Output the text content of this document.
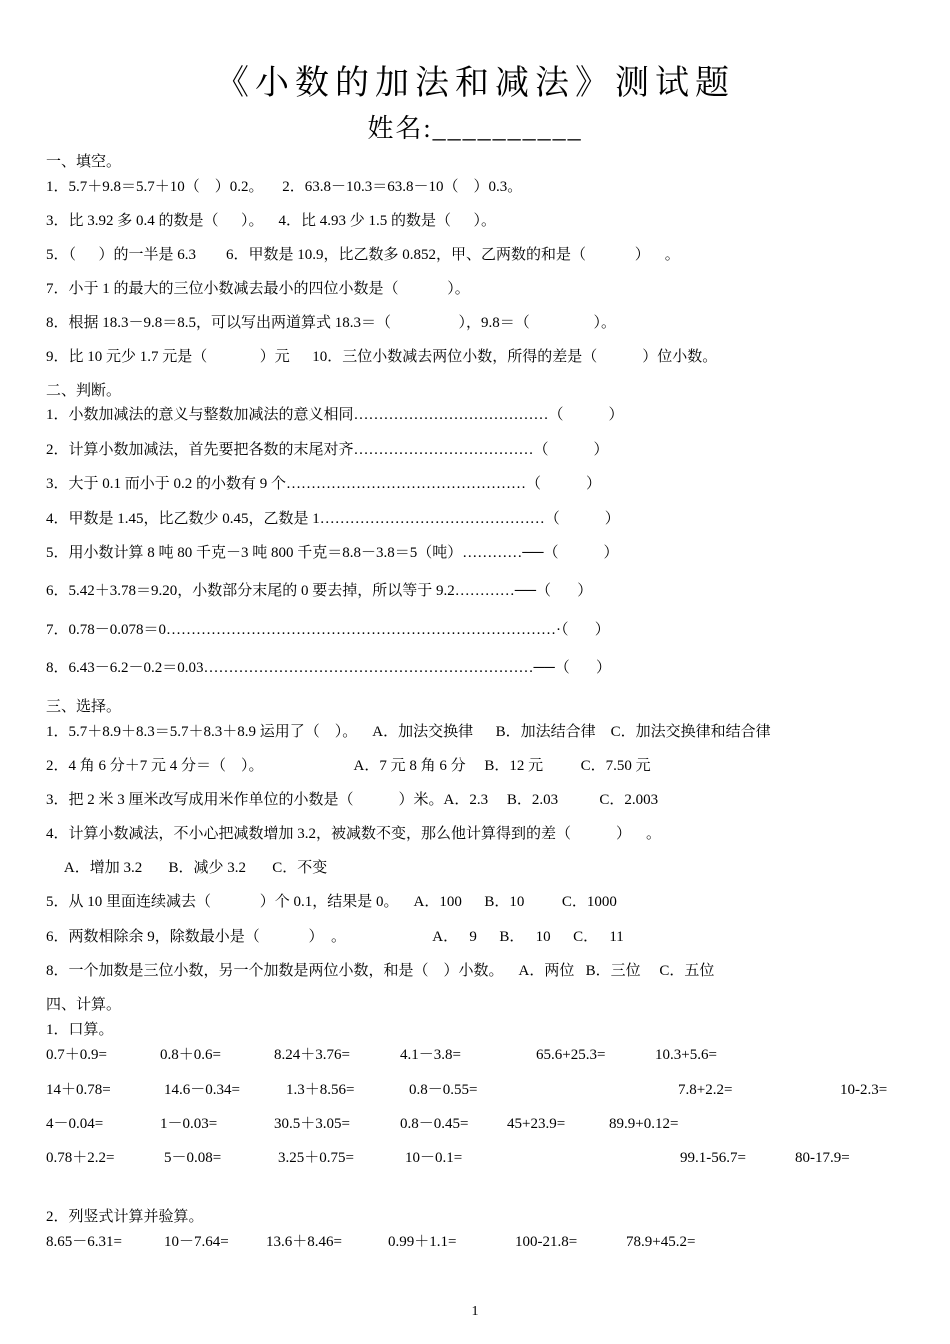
《小数的加法和减法》测试题
姓名:__________
一、填空。
1．5.7＋9.8＝5.7＋10（    ）0.2。     2．63.8－10.3＝63.8－10（    ）0.3。
3．比 3.92 多 0.4 的数是（      ）。    4．比 4.93 少 1.5 的数是（      ）。
5．（      ）的一半是 6.3        6．甲数是 10.9，比乙数多 0.852，甲、乙两数的和是（             ）    。
7．小于 1 的最大的三位小数减去最小的四位小数是（             ）。
8．根据 18.3－9.8＝8.5，可以写出两道算式 18.3＝（                  ），9.8＝（                 ）。
9．比 10 元少 1.7 元是（              ）元      10．三位小数减去两位小数，所得的差是（            ）位小数。
二、判断。
1．小数加减法的意义与整数加减法的意义相同…………………………………（            ）
2．计算小数加减法，首先要把各数的末尾对齐………………………………（            ）
3．大于 0.1 而小于 0.2 的小数有 9 个…………………………………………（            ）
4．甲数是 1.45，比乙数少 0.45，乙数是 1………………………………………（            ）
5．用小数计算 8 吨 80 千克－3 吨 800 千克＝8.8－3.8＝5（吨）…………──（            ）
6．5.42＋3.78＝9.20，小数部分末尾的 0 要去掉，所以等于 9.2…………──（       ）
7．0.78－0.078＝0……………………………………………………………………·（       ）
8．6.43－6.2－0.2＝0.03…………………………………………………………──（       ）
三、选择。
1．5.7＋8.9＋8.3＝5.7＋8.3＋8.9 运用了（    ）。    A．加法交换律      B．加法结合律    C．加法交换律和结合律
2．4 角 6 分＋7 元 4 分＝（    ）。                        A．7 元 8 角 6 分     B．12 元          C．7.50 元
3．把 2 米 3 厘米改写成用米作单位的小数是（            ）米。A．2.3     B．2.03           C．2.003
4．计算小数减法，不小心把减数增加 3.2，被减数不变，那么他计算得到的差（            ）    。
A．增加 3.2       B．减少 3.2       C．不变
5．从 10 里面连续减去（             ）个 0.1，结果是 0。    A．100      B．10          C．1000
6．两数相除余 9，除数最小是（             ）  。                       A．   9      B．   10      C．   11
8．一个加数是三位小数，另一个加数是两位小数，和是（    ）小数。    A．两位   B．三位     C．五位
四、计算。
1．口算。
0.7＋0.9=	0.8＋0.6=	8.24＋3.76=	4.1－3.8=	65.6+25.3=	10.3+5.6=
14＋0.78=	14.6－0.34=	1.3＋8.56=	0.8－0.55=	7.8+2.2=	10-2.3=
4－0.04=	1－0.03=	30.5＋3.05=	0.8－0.45=	45+23.9=	89.9+0.12=
0.78＋2.2=	5－0.08=	3.25＋0.75=	10－0.1=	99.1-56.7=	80-17.9=
2．列竖式计算并验算。
8.65－6.31=	10－7.64= 13.6＋8.46=	0.99＋1.1=	100-21.8=	78.9+45.2=
1
